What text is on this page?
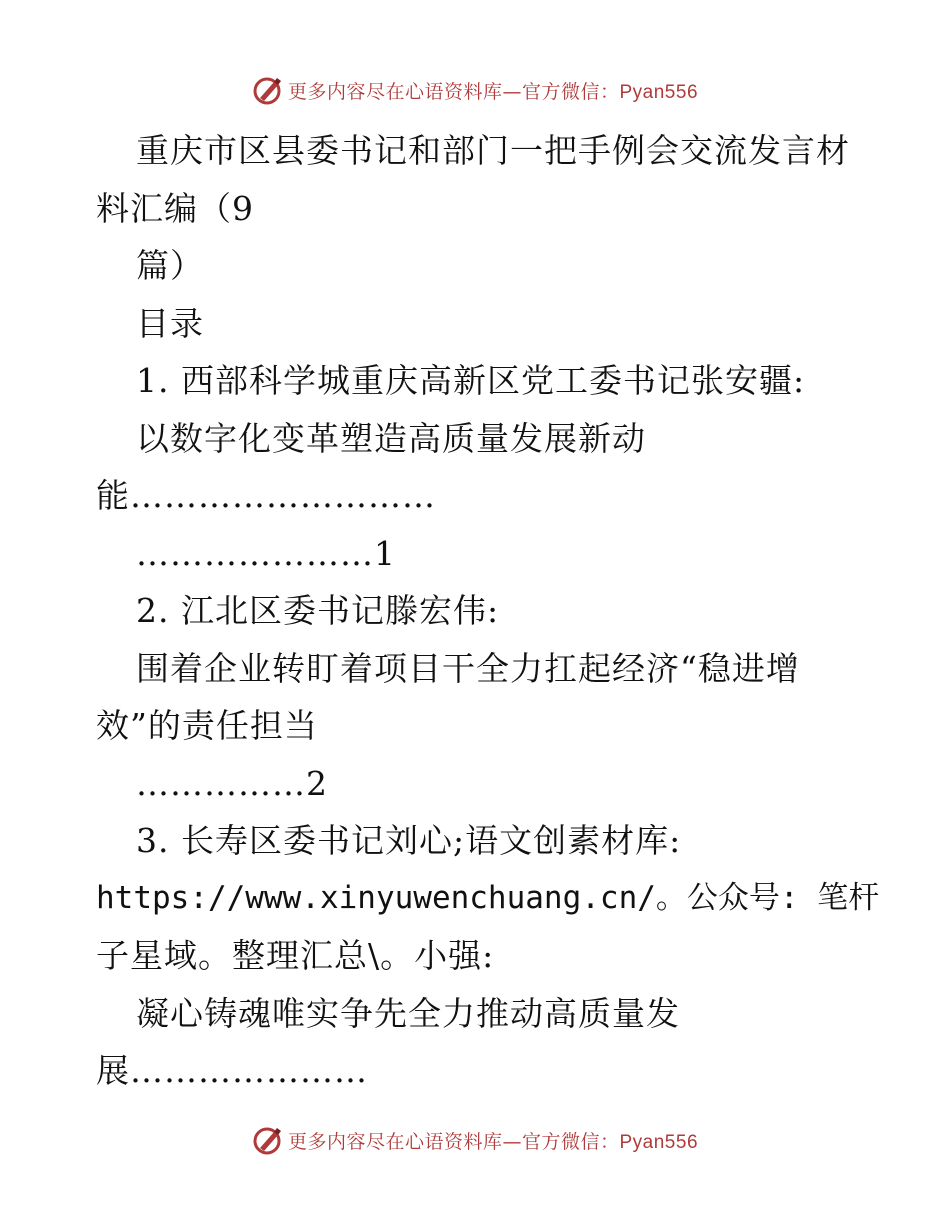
更多内容尽在心语资料库—官方微信：Pyan556
重庆市区县委书记和部门一把手例会交流发言材
料汇编（9
篇）
目录
1. 西部科学城重庆高新区党工委书记张安疆:
以数字化变革塑造高质量发展新动
能………………………
…………………1
2. 江北区委书记滕宏伟:
围着企业转盯着项目干全力扛起经济“稳进增
效”的责任担当
……………2
3. 长寿区委书记刘心;语文创素材库:
https://www.xinyuwenchuang.cn/。公众号: 笔杆
子星域。整理汇总\。小强:
凝心铸魂唯实争先全力推动高质量发
展…………………
更多内容尽在心语资料库—官方微信：Pyan556
